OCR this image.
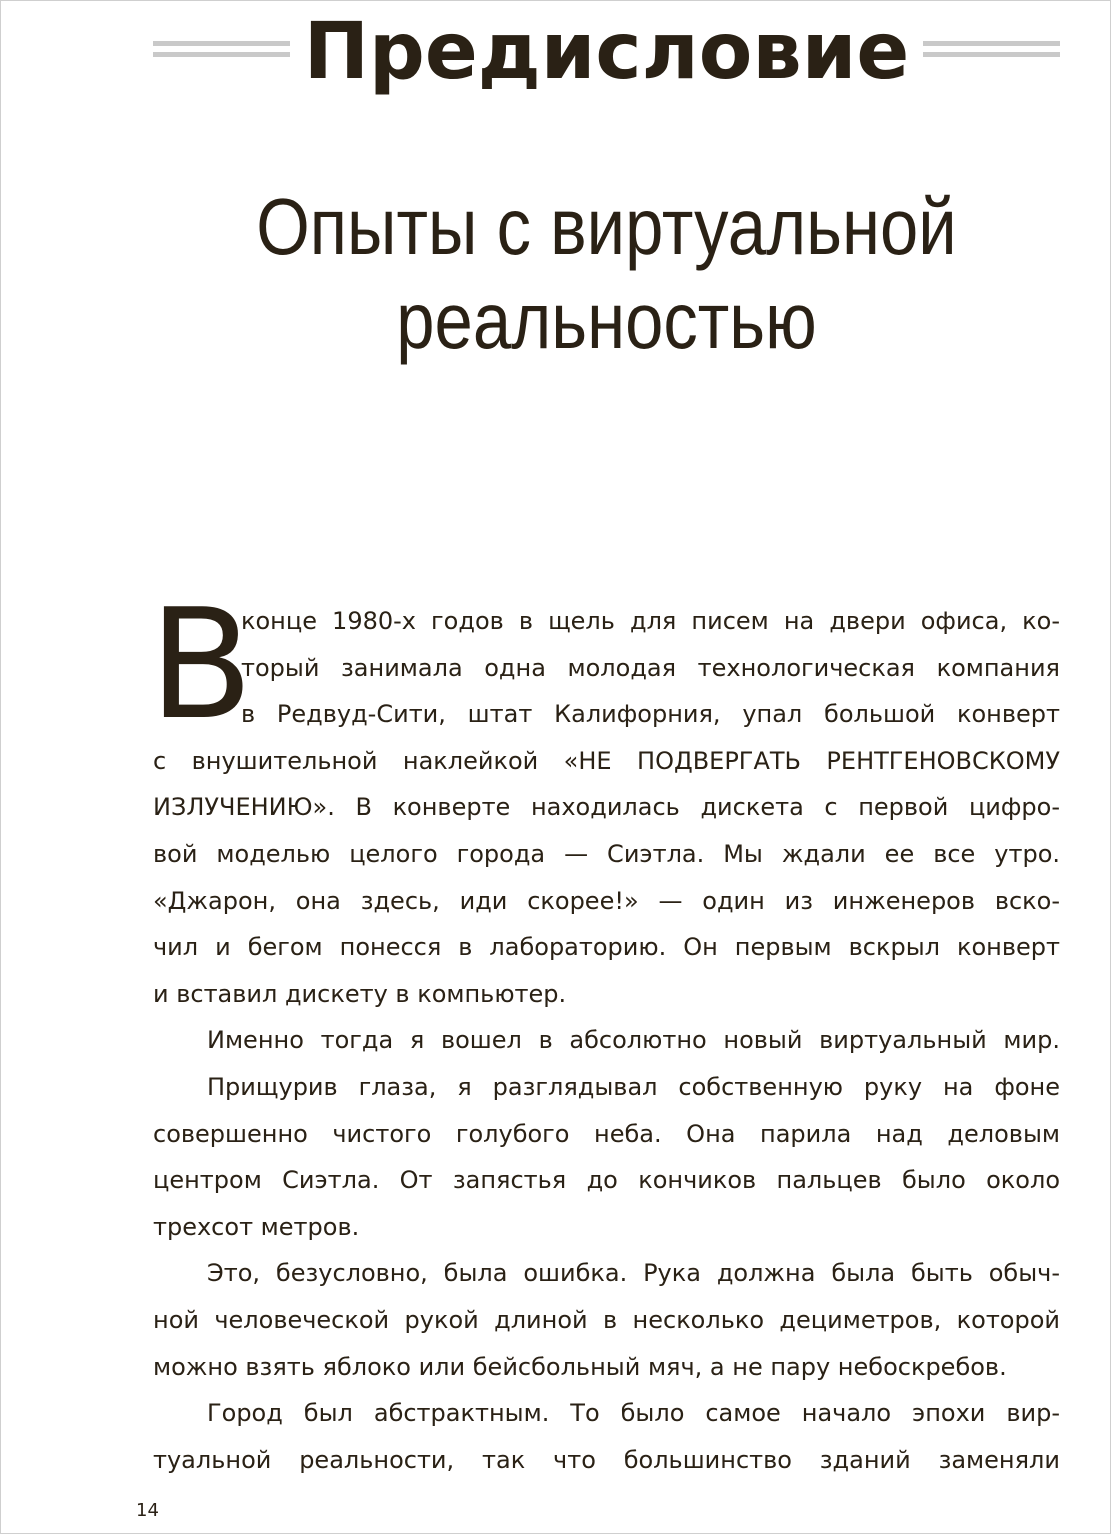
Предисловие
Опыты с виртуальной
реальностью
В
конце 1980-х годов в щель для писем на двери офиса, ко-
торый занимала одна молодая технологическая компания
в Редвуд-Сити, штат Калифорния, упал большой конверт
с внушительной наклейкой «НЕ ПОДВЕРГАТЬ РЕНТГЕНОВСКОМУ
ИЗЛУЧЕНИЮ». В конверте находилась дискета с первой цифро-
вой моделью целого города — Сиэтла. Мы ждали ее все утро.
«Джарон, она здесь, иди скорее!» — один из инженеров вско-
чил и бегом понесся в лабораторию. Он первым вскрыл конверт
и вставил дискету в компьютер.
Именно тогда я вошел в абсолютно новый виртуальный мир.
Прищурив глаза, я разглядывал собственную руку на фоне
совершенно чистого голубого неба. Она парила над деловым
центром Сиэтла. От запястья до кончиков пальцев было около
трехсот метров.
Это, безусловно, была ошибка. Рука должна была быть обыч-
ной человеческой рукой длиной в несколько дециметров, которой
можно взять яблоко или бейсбольный мяч, а не пару небоскребов.
Город был абстрактным. То было самое начало эпохи вир-
туальной реальности, так что большинство зданий заменяли
14
